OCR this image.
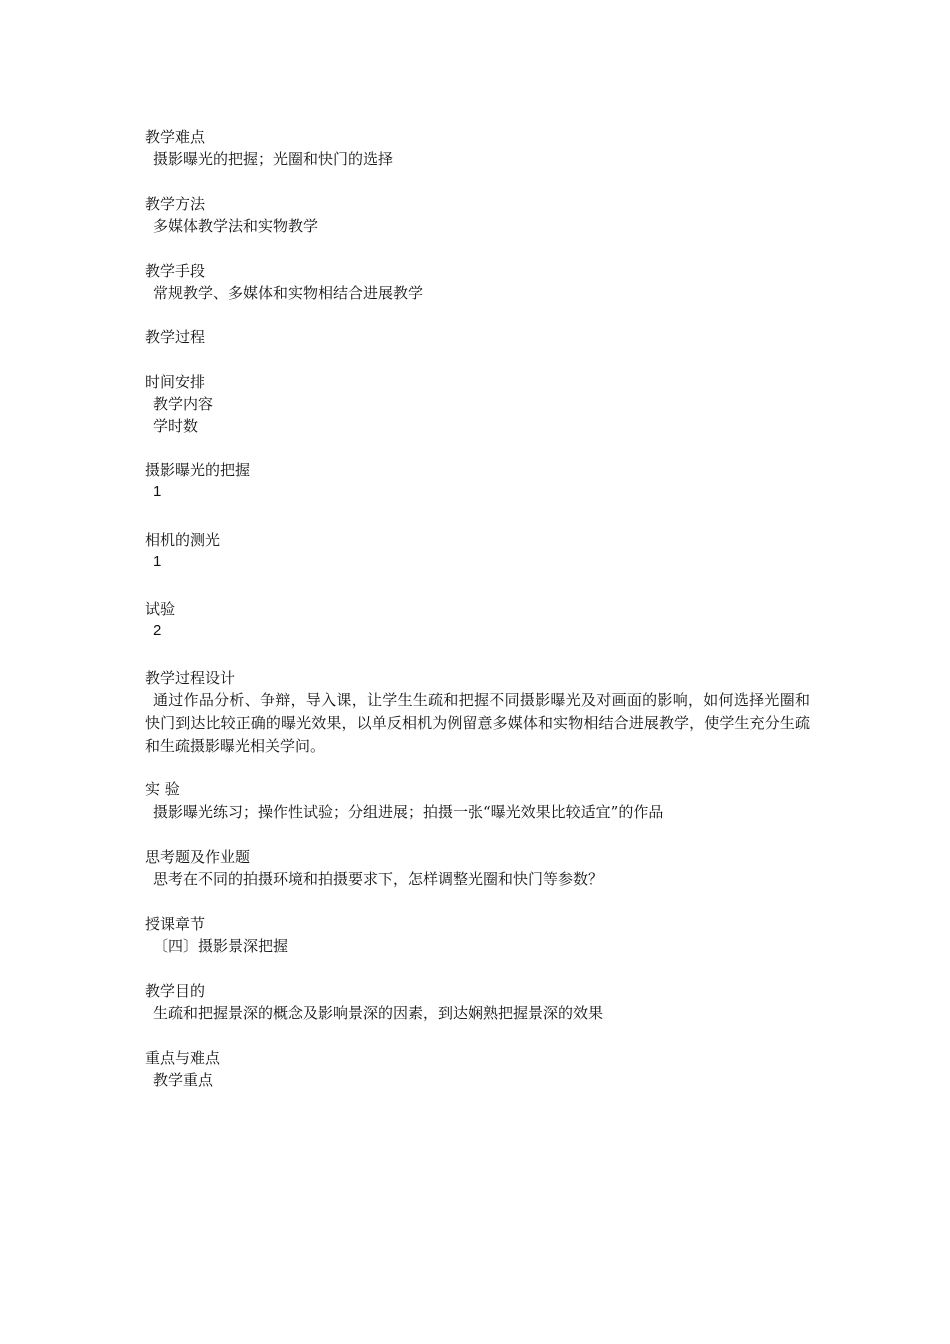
教学难点
摄影曝光的把握；光圈和快门的选择
教学方法
多媒体教学法和实物教学
教学手段
常规教学、多媒体和实物相结合进展教学
教学过程
时间安排
教学内容
学时数
摄影曝光的把握
1
相机的测光
1
试验
2
教学过程设计
通过作品分析、争辩，导入课，让学生生疏和把握不同摄影曝光及对画面的影响，如何选择光圈和快门到达比较正确的曝光效果，以单反相机为例留意多媒体和实物相结合进展教学，使学生充分生疏和生疏摄影曝光相关学问。
实 验
摄影曝光练习；操作性试验；分组进展；拍摄一张“曝光效果比较适宜”的作品
思考题及作业题
思考在不同的拍摄环境和拍摄要求下，怎样调整光圈和快门等参数？
授课章节
〔四〕摄影景深把握
教学目的
生疏和把握景深的概念及影响景深的因素，到达娴熟把握景深的效果
重点与难点
教学重点
